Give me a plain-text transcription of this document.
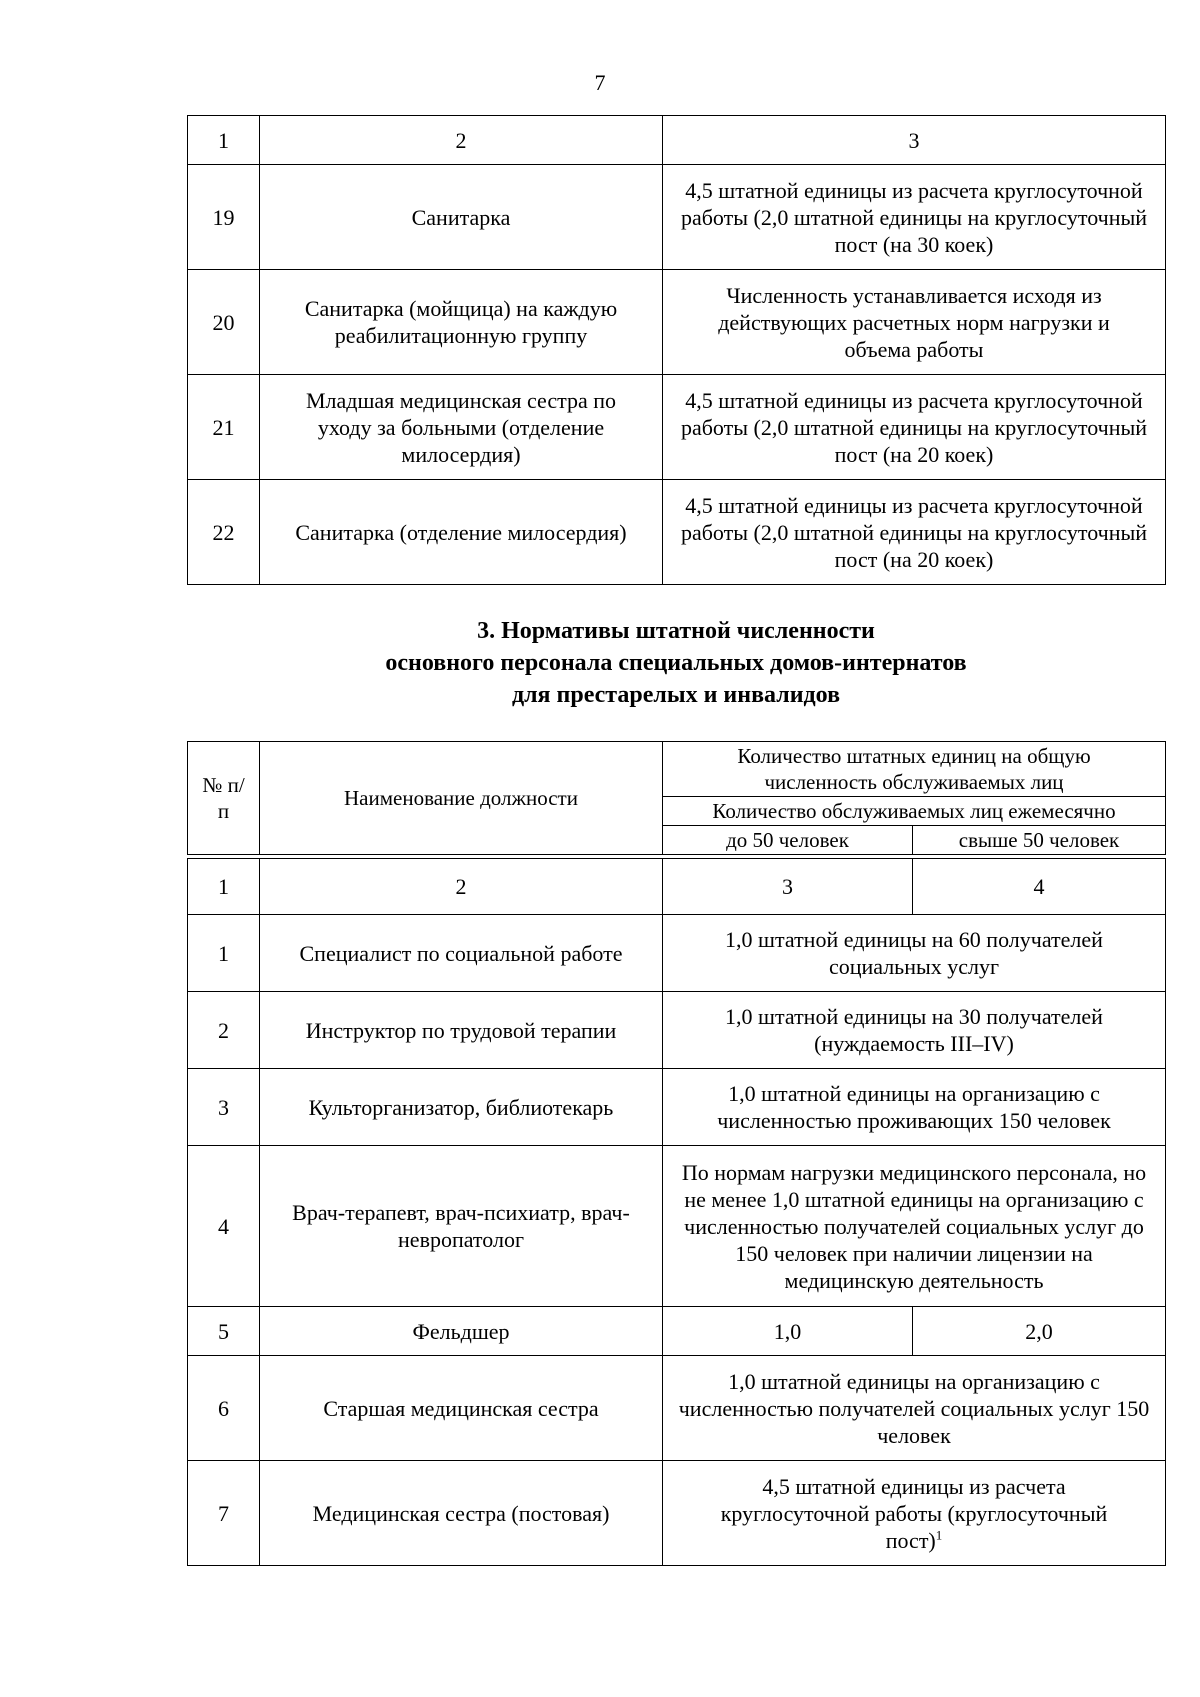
7
1	2	3
19	Санитарка	4,5 штатной единицы из расчета круглосуточной работы (2,0 штатной единицы на круглосуточный пост (на 30 коек)
20	Санитарка (мойщица) на каждую реабилитационную группу	Численность устанавливается исходя из действующих расчетных норм нагрузки и объема работы
21	Младшая медицинская сестра по уходу за больными (отделение милосердия)	4,5 штатной единицы из расчета круглосуточной работы (2,0 штатной единицы на круглосуточный пост (на 20 коек)
22	Санитарка (отделение милосердия)	4,5 штатной единицы из расчета круглосуточной работы (2,0 штатной единицы на круглосуточный пост (на 20 коек)
3. Нормативы штатной численности
основного персонала специальных домов-интернатов
для престарелых и инвалидов
№ п/п	Наименование должности	Количество штатных единиц на общую численность обслуживаемых лиц	
		Количество обслуживаемых лиц ежемесячно	
		до 50 человек	свыше 50 человек
1	2	3	4
1	Специалист по социальной работе	1,0 штатной единицы на 60 получателей социальных услуг	
2	Инструктор по трудовой терапии	1,0 штатной единицы на 30 получателей (нуждаемость III–IV)	
3	Культорганизатор, библиотекарь	1,0 штатной единицы на организацию с численностью проживающих 150 человек	
4	Врач-терапевт, врач-психиатр, врач-невропатолог	По нормам нагрузки медицинского персонала, но не менее 1,0 штатной единицы на организацию с численностью получателей социальных услуг до 150 человек при наличии лицензии на медицинскую деятельность	
5	Фельдшер	1,0	2,0
6	Старшая медицинская сестра	1,0 штатной единицы на организацию с численностью получателей социальных услуг 150 человек	
7	Медицинская сестра (постовая)	4,5 штатной единицы из расчета круглосуточной работы (круглосуточный пост)$^1$
